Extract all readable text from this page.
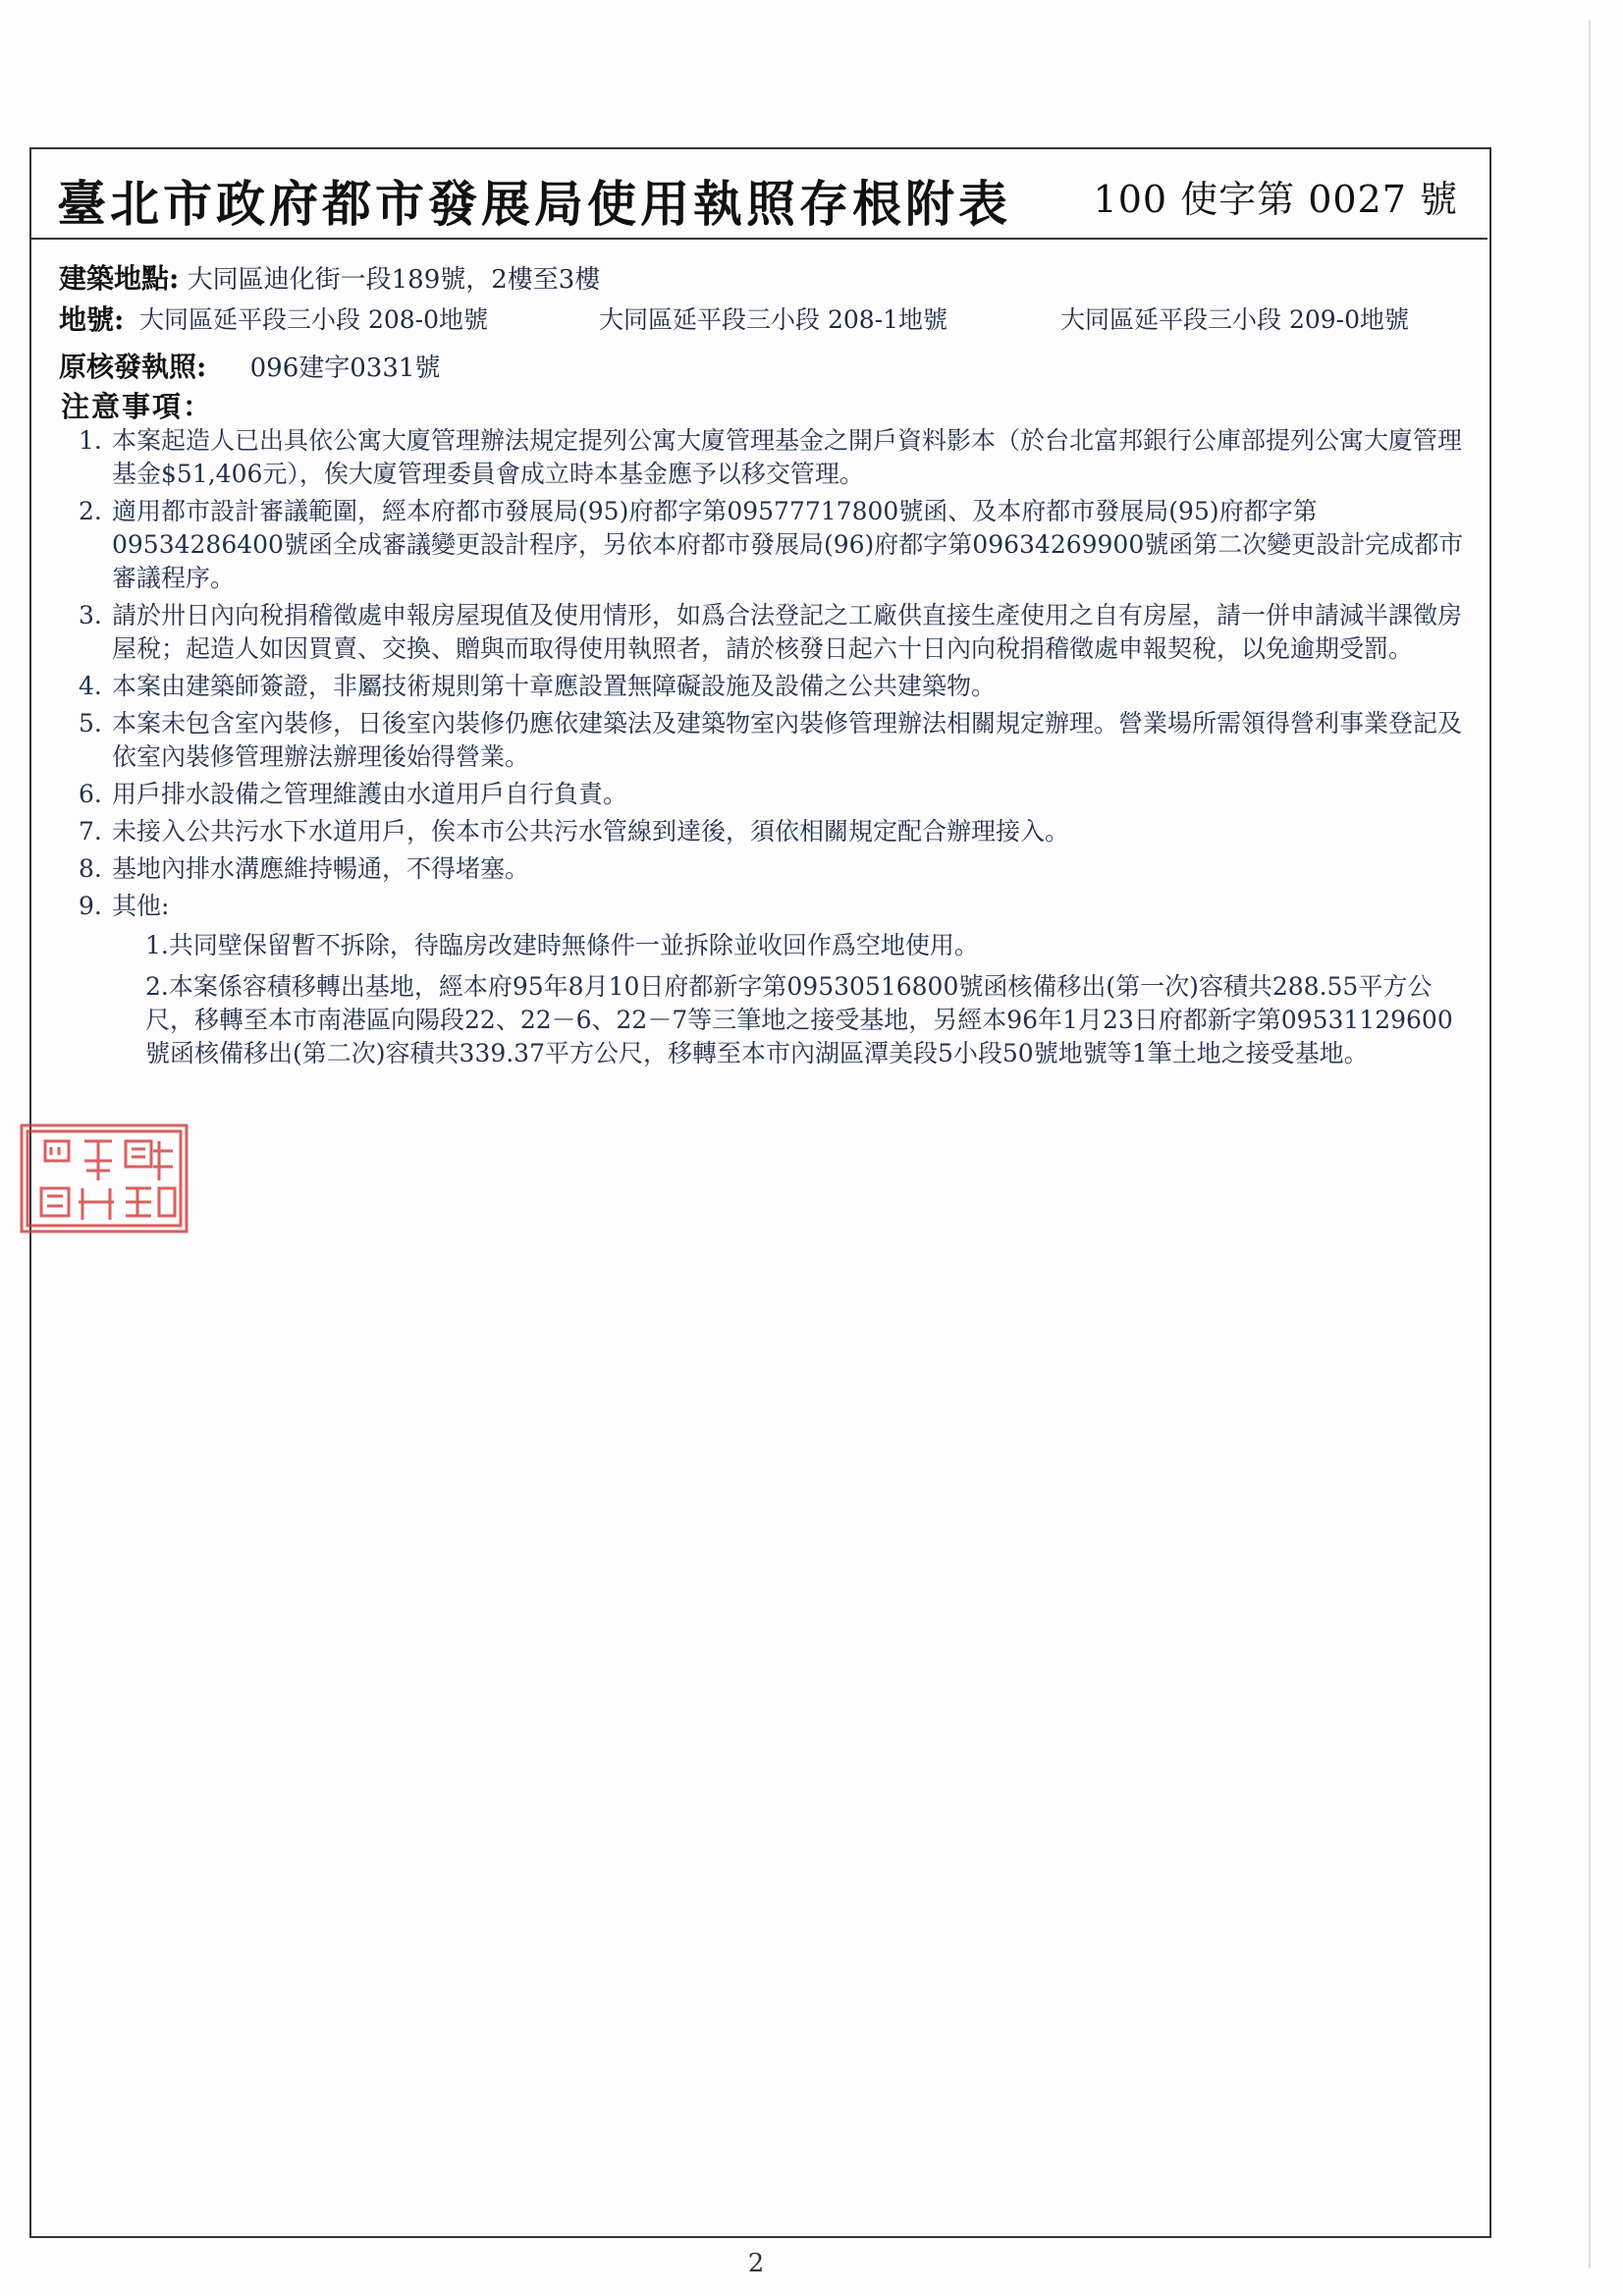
臺北市政府都市發展局使用執照存根附表 100 使字第 0027 號
建築地點: 大同區迪化街一段189號，2樓至3樓
地號: 大同區延平段三小段 208-0地號	大同區延平段三小段 208-1地號	大同區延平段三小段 209-0地號
原核發執照: 096建字0331號
注意事項：
1. 本案起造人已出具依公寓大廈管理辦法規定提列公寓大廈管理基金之開戶資料影本（於台北富邦銀行公庫部提列公寓大廈管理基金$51,406元），俟大廈管理委員會成立時本基金應予以移交管理。
2. 適用都市設計審議範圍，經本府都市發展局(95)府都字第09577717800號函、及本府都市發展局(95)府都字第09534286400號函全成審議變更設計程序，另依本府都市發展局(96)府都字第09634269900號函第二次變更設計完成都市審議程序。
3. 請於卅日內向稅捐稽徵處申報房屋現值及使用情形，如爲合法登記之工廠供直接生產使用之自有房屋，請一併申請減半課徵房屋稅；起造人如因買賣、交換、贈與而取得使用執照者，請於核發日起六十日內向稅捐稽徵處申報契稅，以免逾期受罰。
4. 本案由建築師簽證，非屬技術規則第十章應設置無障礙設施及設備之公共建築物。
5. 本案未包含室內裝修，日後室內裝修仍應依建築法及建築物室內裝修管理辦法相關規定辦理。營業場所需領得營利事業登記及依室內裝修管理辦法辦理後始得營業。
6. 用戶排水設備之管理維護由水道用戶自行負責。
7. 未接入公共污水下水道用戶，俟本市公共污水管線到達後，須依相關規定配合辦理接入。
8. 基地內排水溝應維持暢通，不得堵塞。
9. 其他:
1.共同壁保留暫不拆除，待臨房改建時無條件一並拆除並收回作爲空地使用。
2.本案係容積移轉出基地，經本府95年8月10日府都新字第09530516800號函核備移出(第一次)容積共288.55平方公尺，移轉至本市南港區向陽段22、22－6、22－7等三筆地之接受基地，另經本96年1月23日府都新字第09531129600號函核備移出(第二次)容積共339.37平方公尺，移轉至本市內湖區潭美段5小段50號地號等1筆土地之接受基地。
2
